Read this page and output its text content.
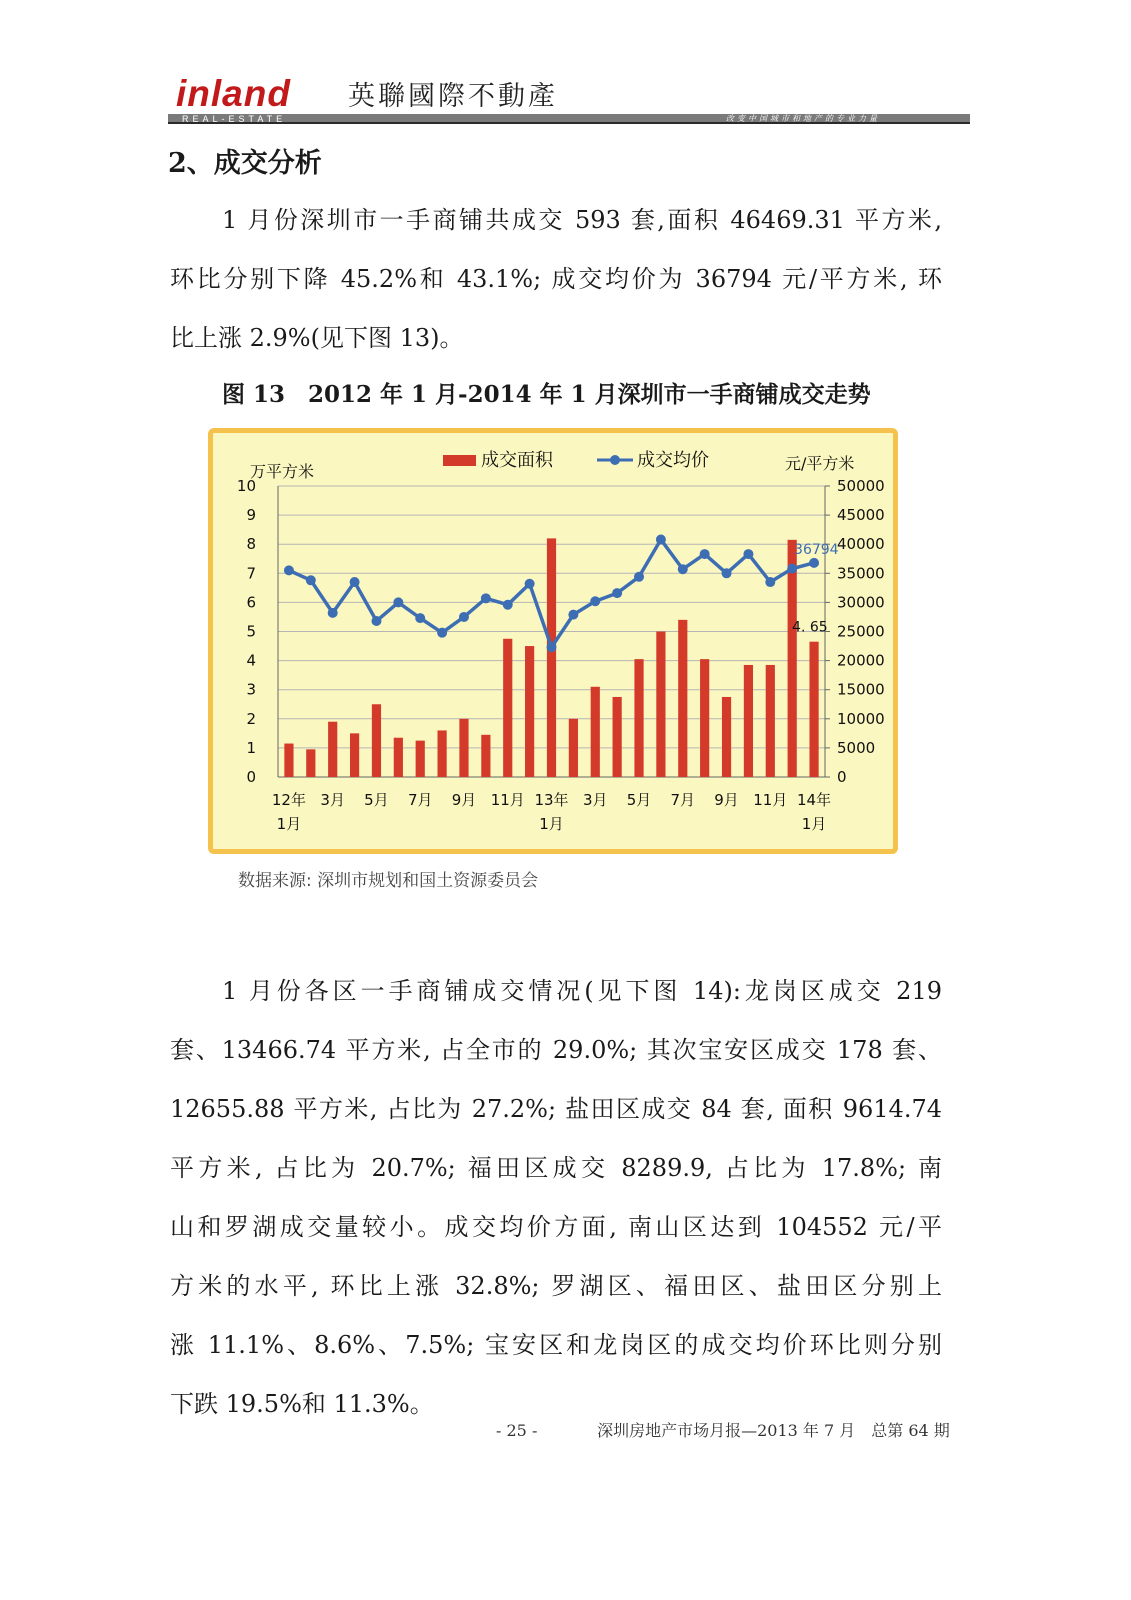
inland 英聯國際不動產
REAL-ESTATE	改变中国城市和地产的专业力量
2、成交分析
1 月份深圳市一手商铺共成交 593 套,面积 46469.31 平方米,
环比分别下降 45.2%和 43.1%; 成交均价为 36794 元/平方米, 环
比上涨 2.9%(见下图 13)。
图 13　2012 年 1 月-2014 年 1 月深圳市一手商铺成交走势
0
1
2
3
4
5
6
7
8
9
10
0
5000
10000
15000
20000
25000
30000
35000
40000
45000
50000
万平方米	元/平方米
36794
4. 65
12年
1月
3月 5月 7月 9月 11月 13年
1月
3月 5月 7月 9月 11月 14年
1月
成交面积	成交均价
数据来源: 深圳市规划和国土资源委员会
1 月份各区一手商铺成交情况(见下图 14):龙岗区成交 219
套、13466.74 平方米, 占全市的 29.0%; 其次宝安区成交 178 套、
12655.88 平方米, 占比为 27.2%; 盐田区成交 84 套, 面积 9614.74
平方米, 占比为 20.7%; 福田区成交 8289.9, 占比为 17.8%; 南
山和罗湖成交量较小。成交均价方面, 南山区达到 104552 元/平
方米的水平, 环比上涨 32.8%; 罗湖区、福田区、盐田区分别上
涨 11.1%、8.6%、7.5%; 宝安区和龙岗区的成交均价环比则分别
下跌 19.5%和 11.3%。
- 25 -	深圳房地产市场月报—2013 年 7 月　总第 64 期
